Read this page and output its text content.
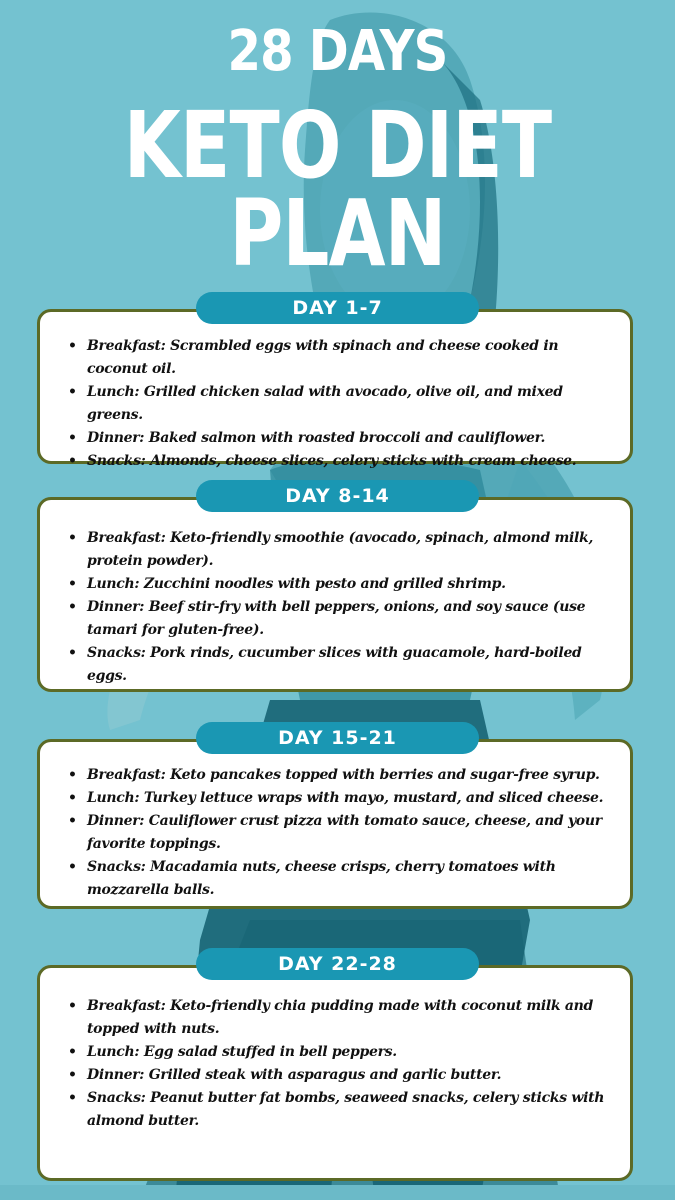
28 DAYS
KETO DIET
PLAN
DAY 1-7
• Breakfast: Scrambled eggs with spinach and cheese cooked in coconut oil.
• Lunch: Grilled chicken salad with avocado, olive oil, and mixed greens.
• Dinner: Baked salmon with roasted broccoli and cauliflower.
• Snacks: Almonds, cheese slices, celery sticks with cream cheese.
DAY 8-14
• Breakfast: Keto-friendly smoothie (avocado, spinach, almond milk, protein powder).
• Lunch: Zucchini noodles with pesto and grilled shrimp.
• Dinner: Beef stir-fry with bell peppers, onions, and soy sauce (use tamari for gluten-free).
• Snacks: Pork rinds, cucumber slices with guacamole, hard-boiled eggs.
DAY 15-21
• Breakfast: Keto pancakes topped with berries and sugar-free syrup.
• Lunch: Turkey lettuce wraps with mayo, mustard, and sliced cheese.
• Dinner: Cauliflower crust pizza with tomato sauce, cheese, and your favorite toppings.
• Snacks: Macadamia nuts, cheese crisps, cherry tomatoes with mozzarella balls.
DAY 22-28
• Breakfast: Keto-friendly chia pudding made with coconut milk and topped with nuts.
• Lunch: Egg salad stuffed in bell peppers.
• Dinner: Grilled steak with asparagus and garlic butter.
• Snacks: Peanut butter fat bombs, seaweed snacks, celery sticks with almond butter.
